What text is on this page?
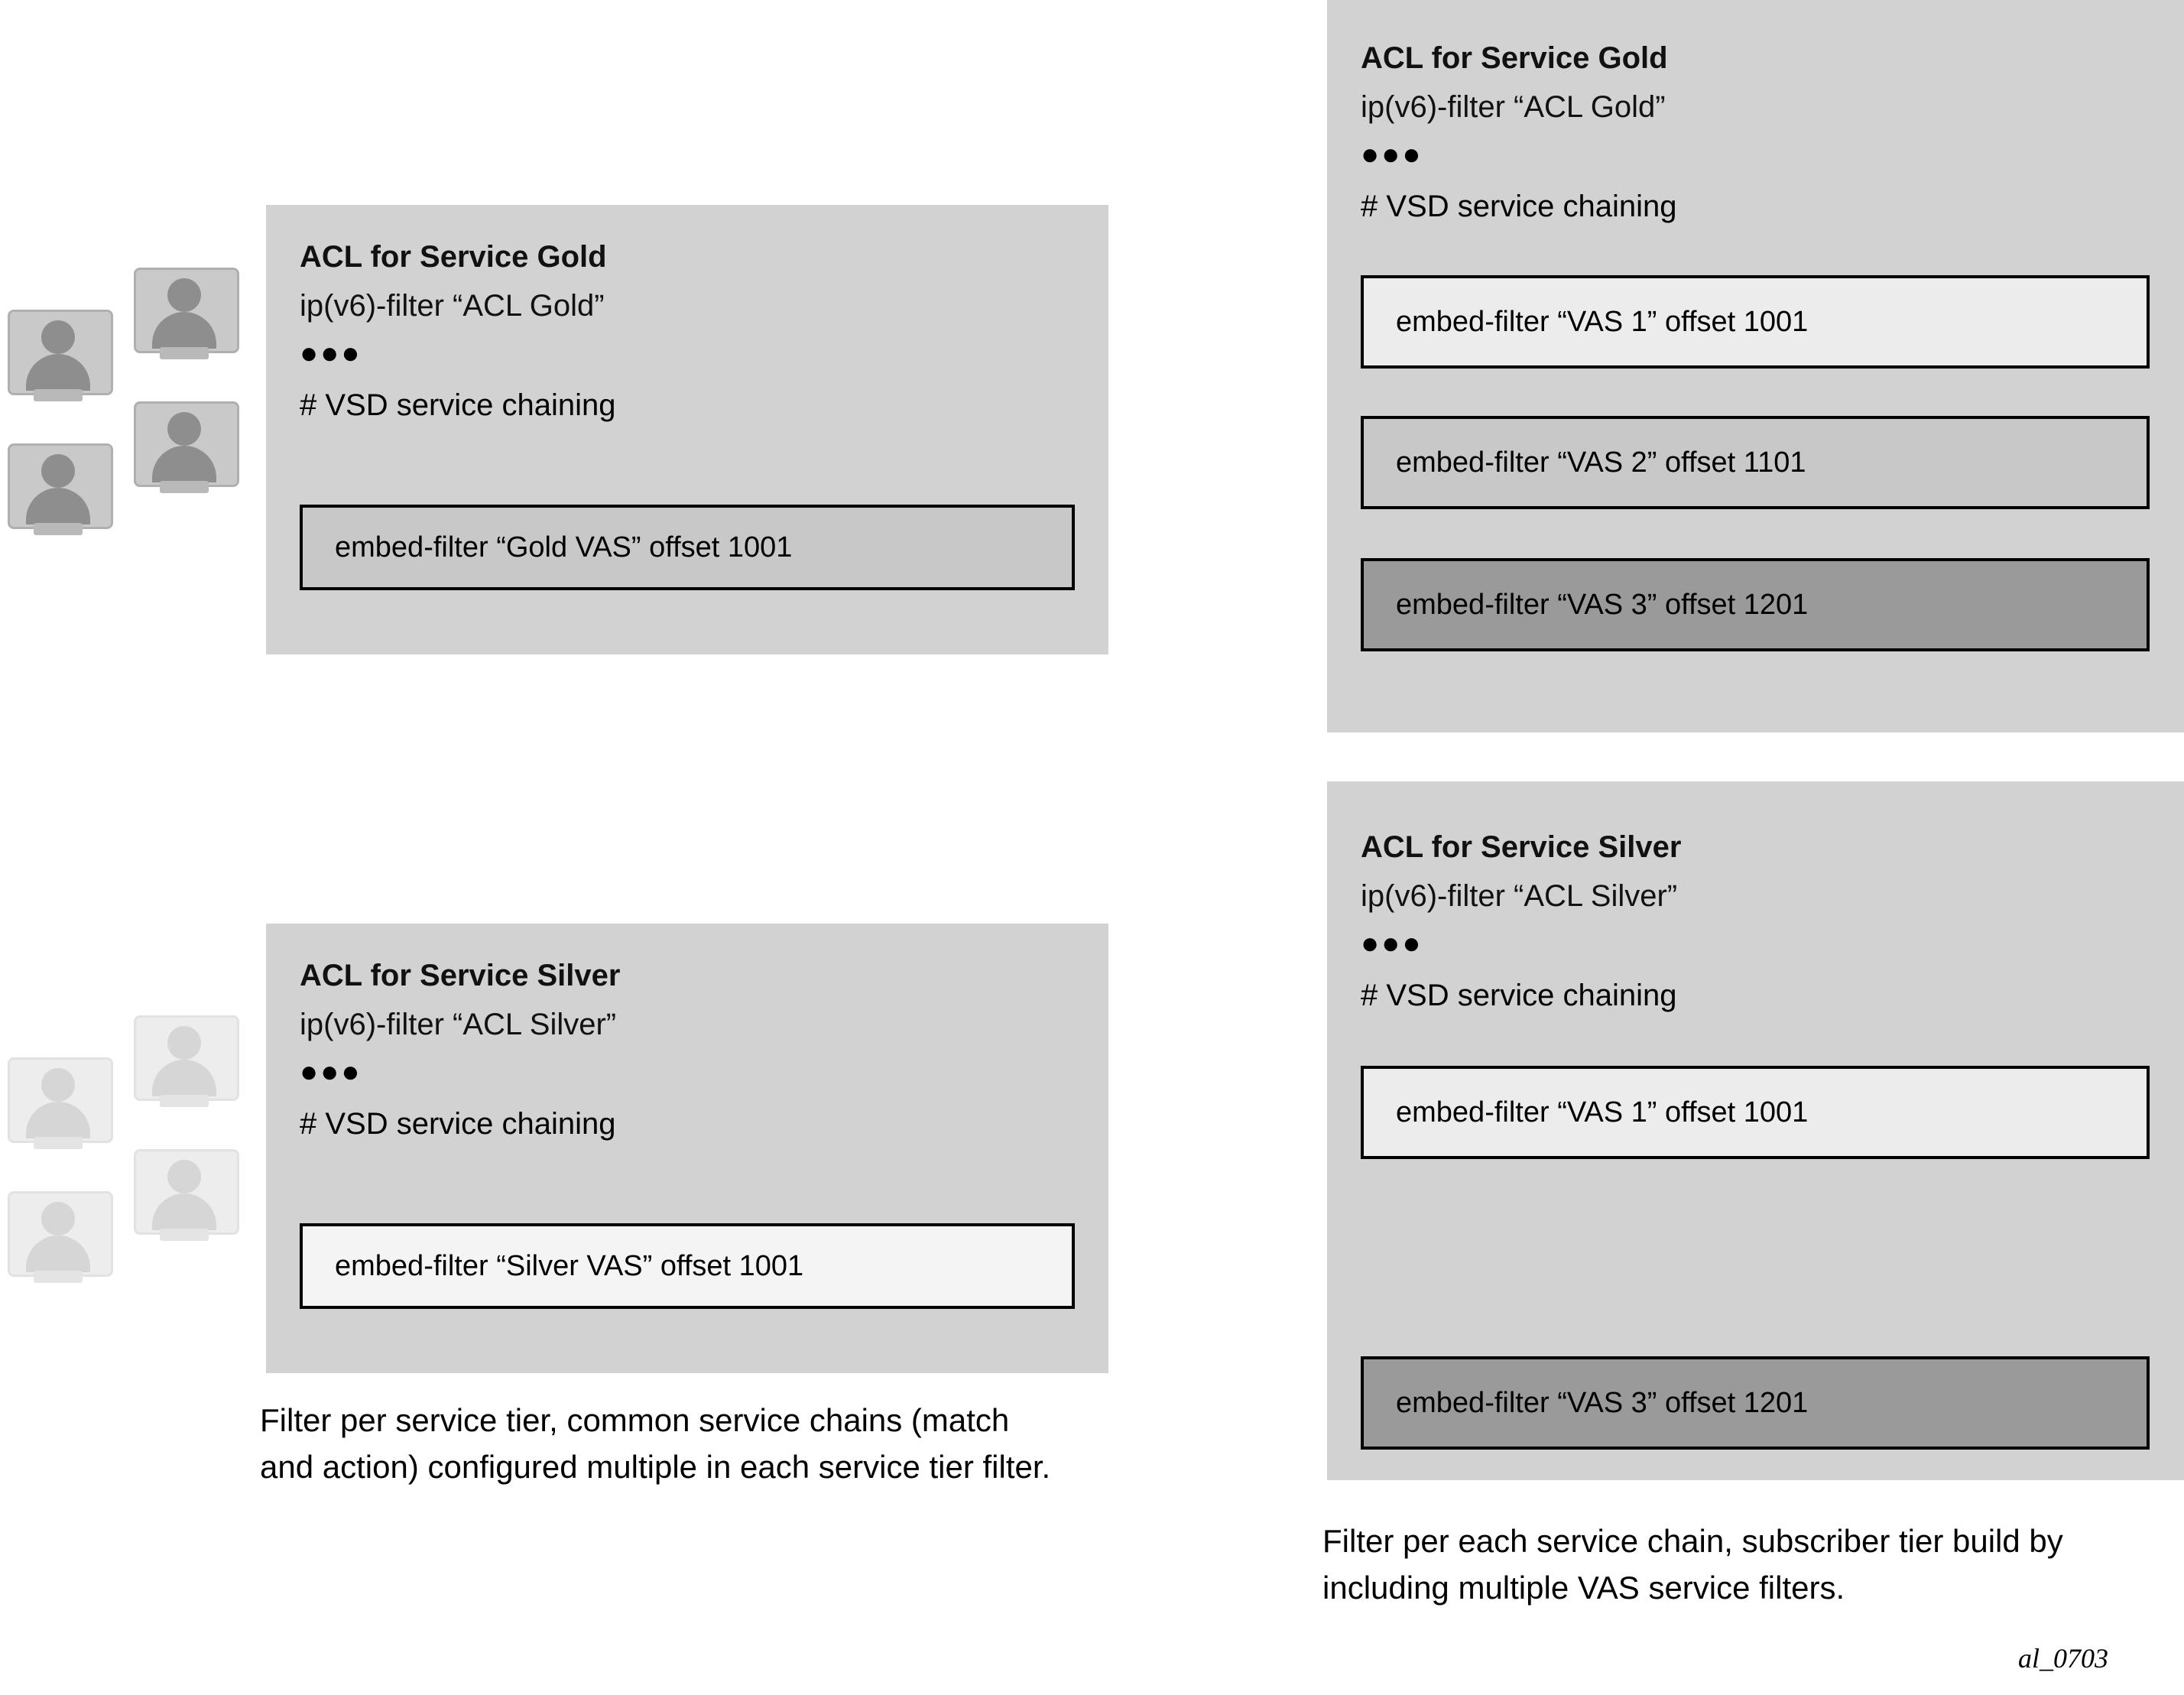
ACL for Service Gold
ip(v6)-filter “ACL Gold”
●●●
# VSD service chaining
embed-filter “Gold VAS” offset 1001
ACL for Service Silver
ip(v6)-filter “ACL Silver”
●●●
# VSD service chaining
embed-filter “Silver VAS” offset 1001
Filter per service tier, common service chains (match and action) configured multiple in each service tier filter.
ACL for Service Gold
ip(v6)-filter “ACL Gold”
●●●
# VSD service chaining
embed-filter “VAS 1” offset 1001
embed-filter “VAS 2” offset 1101
embed-filter “VAS 3” offset 1201
ACL for Service Silver
ip(v6)-filter “ACL Silver”
●●●
# VSD service chaining
embed-filter “VAS 1” offset 1001
embed-filter “VAS 3” offset 1201
Filter per each service chain, subscriber tier build by including multiple VAS service filters.
al_0703
